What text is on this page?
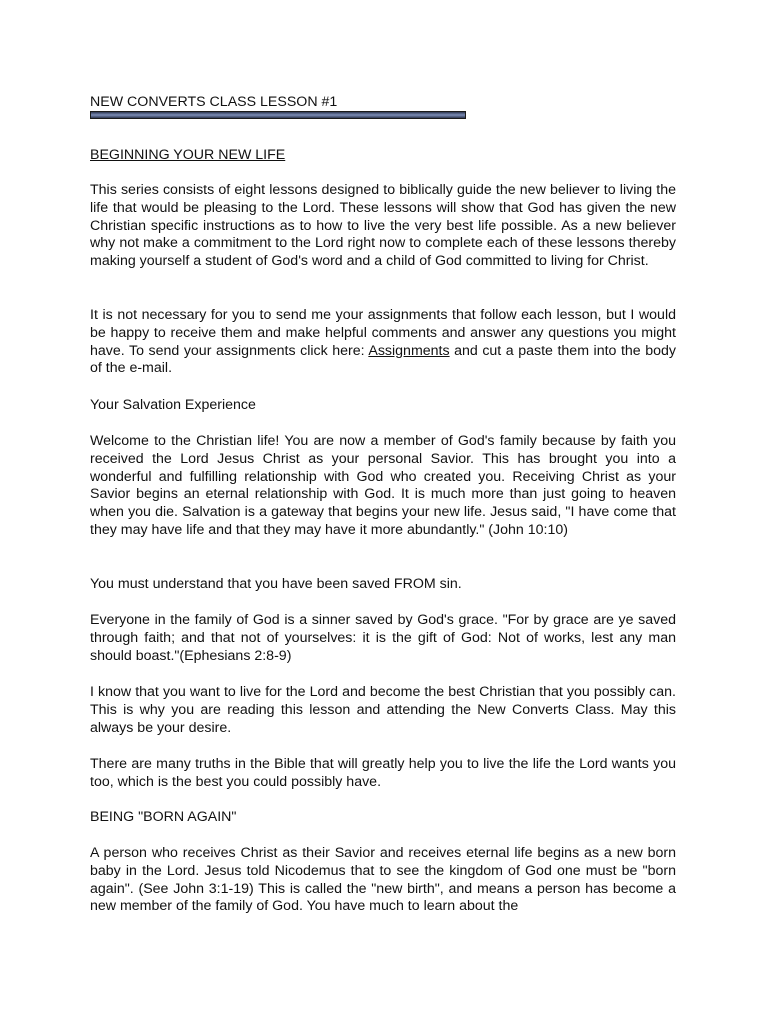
NEW CONVERTS CLASS LESSON #1
BEGINNING YOUR NEW LIFE

This series consists of eight lessons designed to biblically guide the new believer to living the life that would be pleasing to the Lord. These lessons will show that God has given the new Christian specific instructions as to how to live the very best life possible. As a new believer why not make a commitment to the Lord right now to complete each of these lessons thereby making yourself a student of God's word and a child of God committed to living for Christ.

It is not necessary for you to send me your assignments that follow each lesson, but I would be happy to receive them and make helpful comments and answer any questions you might have. To send your assignments click here: Assignments and cut a paste them into the body of the e-mail.

Your Salvation Experience

Welcome to the Christian life! You are now a member of God's family because by faith you received the Lord Jesus Christ as your personal Savior. This has brought you into a wonderful and fulfilling relationship with God who created you. Receiving Christ as your Savior begins an eternal relationship with God. It is much more than just going to heaven when you die. Salvation is a gateway that begins your new life. Jesus said, "I have come that they may have life and that they may have it more abundantly." (John 10:10)

You must understand that you have been saved FROM sin.

Everyone in the family of God is a sinner saved by God's grace. "For by grace are ye saved through faith; and that not of yourselves: it is the gift of God: Not of works, lest any man should boast."(Ephesians 2:8-9)

I know that you want to live for the Lord and become the best Christian that you possibly can. This is why you are reading this lesson and attending the New Converts Class. May this always be your desire.

There are many truths in the Bible that will greatly help you to live the life the Lord wants you too, which is the best you could possibly have.

BEING "BORN AGAIN"

A person who receives Christ as their Savior and receives eternal life begins as a new born baby in the Lord. Jesus told Nicodemus that to see the kingdom of God one must be "born again". (See John 3:1-19) This is called the "new birth", and means a person has become a new member of the family of God. You have much to learn about the
